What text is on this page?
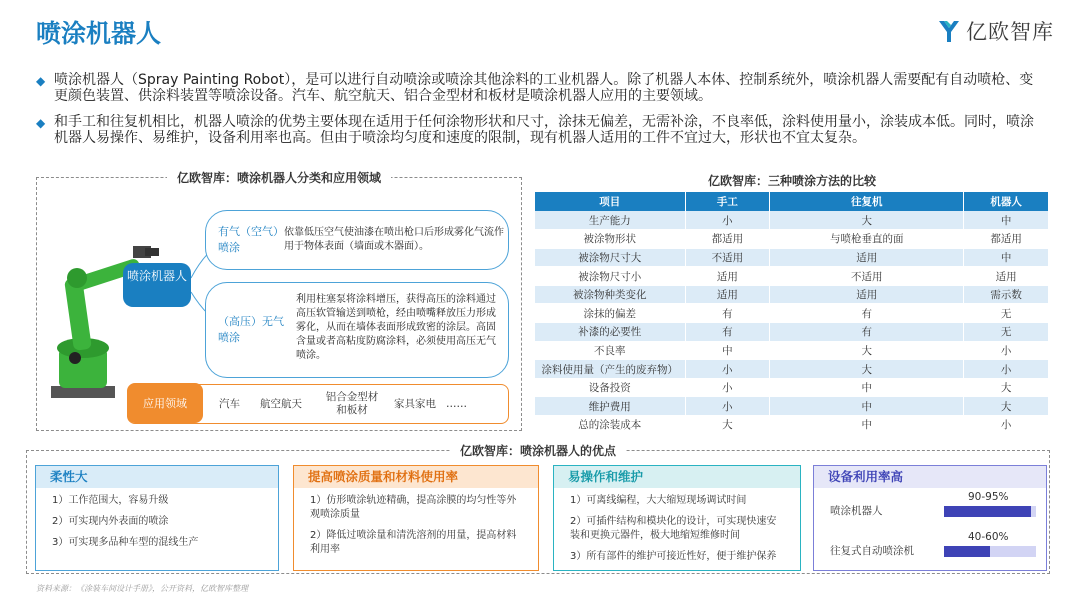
喷涂机器人	亿欧智库
◆ 喷涂机器人（Spray Painting Robot），是可以进行自动喷涂或喷涂其他涂料的工业机器人。除了机器人本体、控制系统外，喷涂机器人需要配有自动喷枪、变更颜色装置、供涂料装置等喷涂设备。汽车、航空航天、铝合金型材和板材是喷涂机器人应用的主要领域。
◆ 和手工和往复机相比，机器人喷涂的优势主要体现在适用于任何涂物形状和尺寸，涂抹无偏差，无需补涂，不良率低，涂料使用量小，涂装成本低。同时，喷涂机器人易操作、易维护，设备利用率也高。但由于喷涂均匀度和速度的限制，现有机器人适用的工件不宜过大，形状也不宜太复杂。
亿欧智库：喷涂机器人分类和应用领域
喷涂机器人
有气（空气）喷涂
依靠低压空气使油漆在喷出枪口后形成雾化气流作用于物体表面（墙面或木器面）。
（高压）无气喷涂
利用柱塞泵将涂料增压，获得高压的涂料通过高压软管输送到喷枪，经由喷嘴释放压力形成雾化，从而在墙体表面形成致密的涂层。高固含量或者高粘度防腐涂料，必须使用高压无气喷涂。
应用领域	汽车 航空航天
铝合金型材和板材
家具家电 ……
亿欧智库：三种喷涂方法的比较
项目	手工	往复机	机器人
生产能力	小	大	中
被涂物形状	都适用	与喷枪垂直的面	都适用
被涂物尺寸大	不适用	适用	中
被涂物尺寸小	适用	不适用	适用
被涂物种类变化	适用	适用	需示数
涂抹的偏差	有	有	无
补漆的必要性	有	有	无
不良率	中	大	小
涂料使用量（产生的废弃物）	小	大	小
设备投资	小	中	大
维护费用	小	中	大
总的涂装成本	大	中	小
亿欧智库：喷涂机器人的优点
柔性大

1）工作范围大，容易升级

2）可实现内外表面的喷涂

3）可实现多品种车型的混线生产

提高喷涂质量和材料使用率

1）仿形喷涂轨迹精确，提高涂膜的均匀性等外观喷涂质量

2）降低过喷涂量和清洗溶剂的用量，提高材料利用率

易操作和维护

1）可离线编程，大大缩短现场调试时间

2）可插件结构和模块化的设计，可实现快速安装和更换元器件，极大地缩短维修时间

3）所有部件的维护可接近性好，便于维护保养

设备利用率高
喷涂机器人
90-95%
往复式自动喷涂机
40-60%
资料来源：《涂装车间设计手册》，公开资料，亿欧智库整理
